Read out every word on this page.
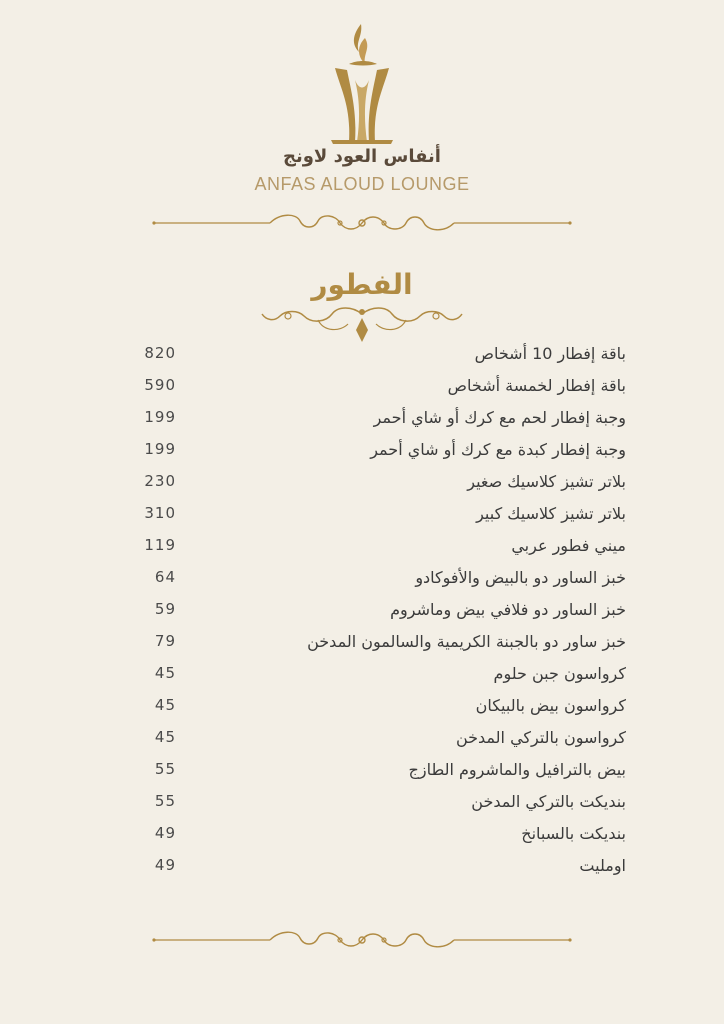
أنفاس العود لاونج
ANFAS ALOUD LOUNGE
الفطور
باقة إفطار 10 أشخاص
820
باقة إفطار لخمسة أشخاص
590
وجبة إفطار لحم مع كرك أو شاي أحمر
199
وجبة إفطار كبدة مع كرك أو شاي أحمر
199
بلاتر تشيز كلاسيك صغير
230
بلاتر تشيز كلاسيك كبير
310
ميني فطور عربي
119
خبز الساور دو بالبيض والأفوكادو
64
خبز الساور دو فلافي بيض وماشروم
59
خبز ساور دو بالجبنة الكريمية والسالمون المدخن
79
كرواسون جبن حلوم
45
كرواسون بيض بالبيكان
45
كرواسون بالتركي المدخن
45
بيض بالترافيل والماشروم الطازج
55
بنديكت بالتركي المدخن
55
بنديكت بالسبانخ
49
اومليت
49
